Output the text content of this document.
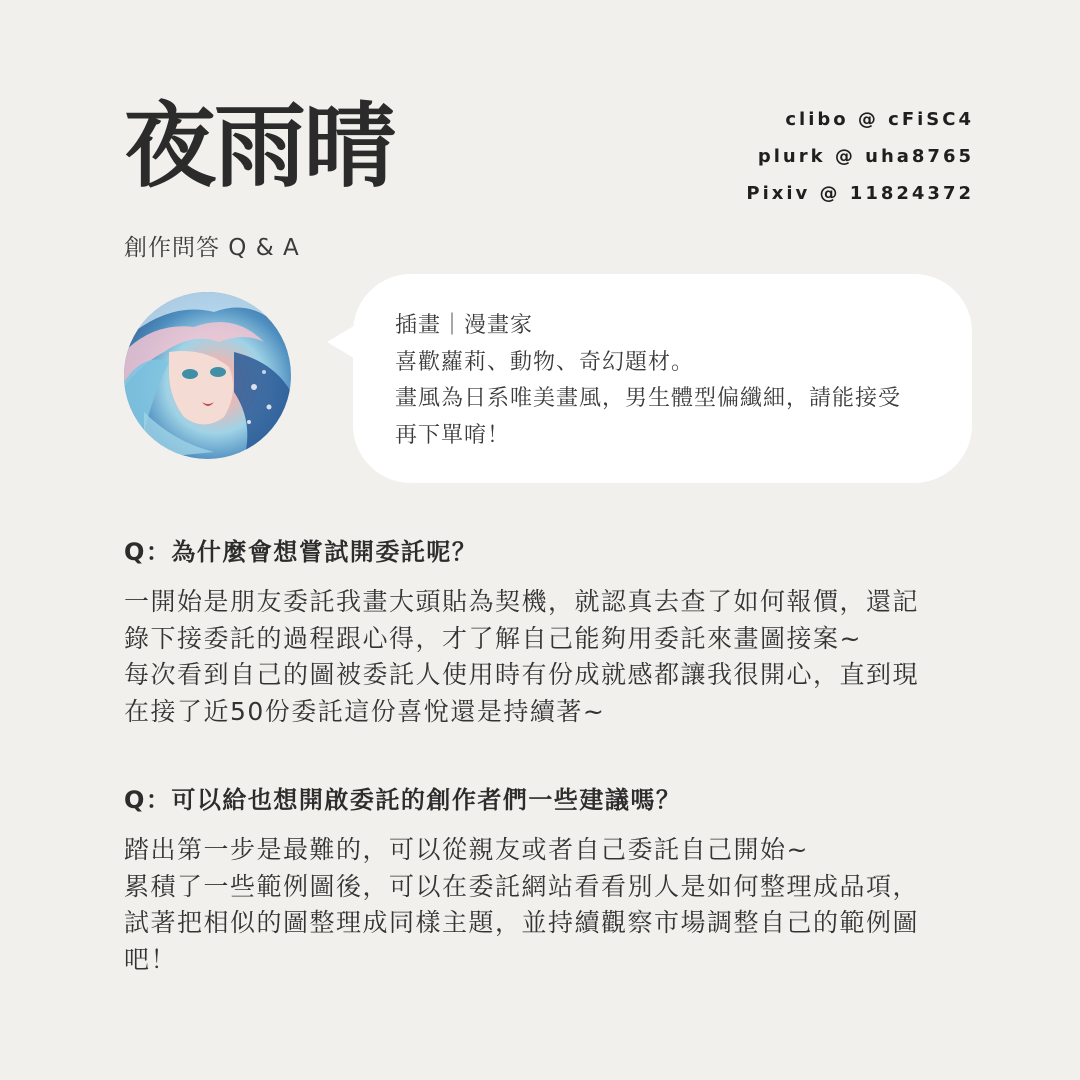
夜雨晴

創作問答 Q & A

clibo @ cFiSC4
plurk @ uha8765
Pixiv @ 11824372
插畫｜漫畫家
喜歡蘿莉、動物、奇幻題材。
畫風為日系唯美畫風，男生體型偏纖細，請能接受
再下單唷！

Q：為什麼會想嘗試開委託呢？

一開始是朋友委託我畫大頭貼為契機，就認真去查了如何報價，還記
錄下接委託的過程跟心得，才了解自己能夠用委託來畫圖接案~
每次看到自己的圖被委託人使用時有份成就感都讓我很開心，直到現
在接了近50份委託這份喜悅還是持續著~

Q：可以給也想開啟委託的創作者們一些建議嗎？

踏出第一步是最難的，可以從親友或者自己委託自己開始~
累積了一些範例圖後，可以在委託網站看看別人是如何整理成品項，
試著把相似的圖整理成同樣主題，並持續觀察市場調整自己的範例圖
吧！
